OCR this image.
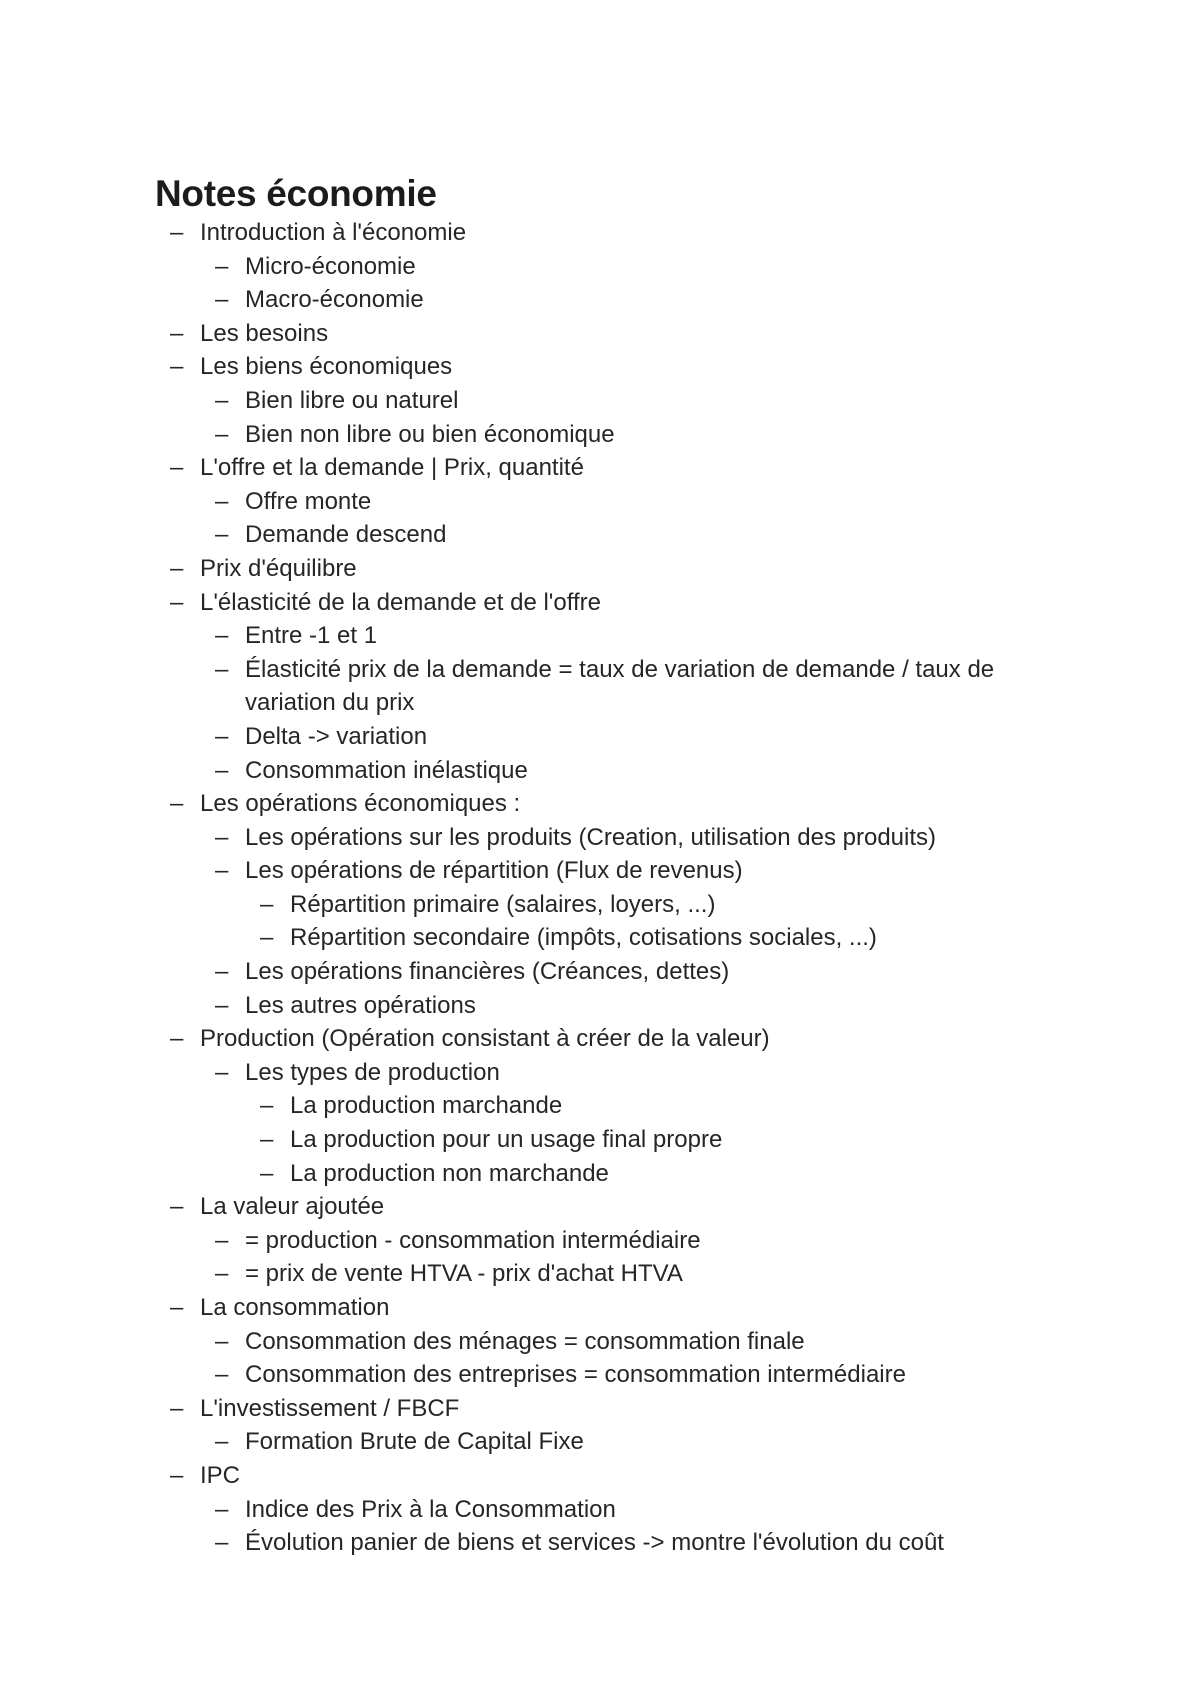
Notes économie
– Introduction à l'économie
– Micro-économie
– Macro-économie
– Les besoins
– Les biens économiques
– Bien libre ou naturel
– Bien non libre ou bien économique
– L'offre et la demande | Prix, quantité
– Offre monte
– Demande descend
– Prix d'équilibre
– L'élasticité de la demande et de l'offre
– Entre -1 et 1
– Élasticité prix de la demande = taux de variation de demande / taux de variation du prix
– Delta -> variation
– Consommation inélastique
– Les opérations économiques :
– Les opérations sur les produits (Creation, utilisation des produits)
– Les opérations de répartition (Flux de revenus)
– Répartition primaire (salaires, loyers, ...)
– Répartition secondaire (impôts, cotisations sociales, ...)
– Les opérations financières (Créances, dettes)
– Les autres opérations
– Production (Opération consistant à créer de la valeur)
– Les types de production
– La production marchande
– La production pour un usage final propre
– La production non marchande
– La valeur ajoutée
– = production - consommation intermédiaire
– = prix de vente HTVA - prix d'achat HTVA
– La consommation
– Consommation des ménages = consommation finale
– Consommation des entreprises = consommation intermédiaire
– L'investissement / FBCF
– Formation Brute de Capital Fixe
– IPC
– Indice des Prix à la Consommation
– Évolution panier de biens et services -> montre l'évolution du coût
